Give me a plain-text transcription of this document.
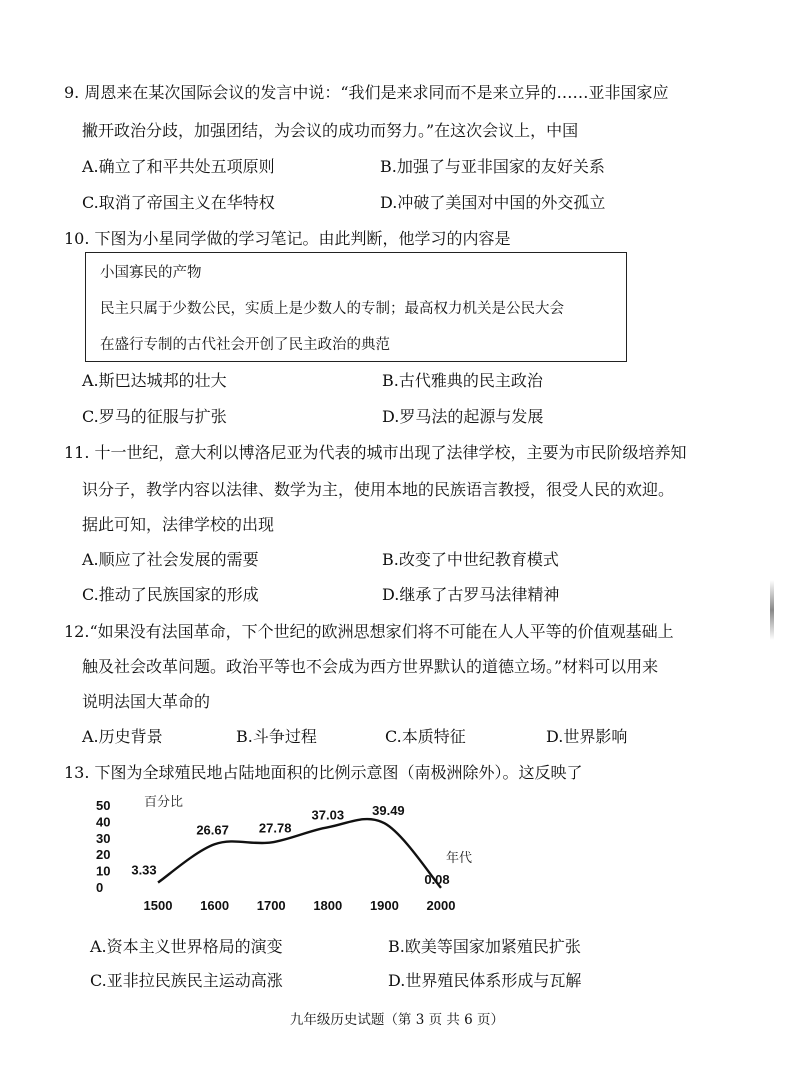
9. 周恩来在某次国际会议的发言中说：“我们是来求同而不是来立异的……亚非国家应
撇开政治分歧，加强团结，为会议的成功而努力。”在这次会议上，中国
A.确立了和平共处五项原则	B.加强了与亚非国家的友好关系
C.取消了帝国主义在华特权	D.冲破了美国对中国的外交孤立
10. 下图为小星同学做的学习笔记。由此判断，他学习的内容是
小国寡民的产物
民主只属于少数公民，实质上是少数人的专制；最高权力机关是公民大会
在盛行专制的古代社会开创了民主政治的典范
A.斯巴达城邦的壮大	B.古代雅典的民主政治
C.罗马的征服与扩张	D.罗马法的起源与发展
11. 十一世纪，意大利以博洛尼亚为代表的城市出现了法律学校，主要为市民阶级培养知
识分子，教学内容以法律、数学为主，使用本地的民族语言教授，很受人民的欢迎。
据此可知，法律学校的出现
A.顺应了社会发展的需要	B.改变了中世纪教育模式
C.推动了民族国家的形成	D.继承了古罗马法律精神
12.“如果没有法国革命，下个世纪的欧洲思想家们将不可能在人人平等的价值观基础上
触及社会改革问题。政治平等也不会成为西方世界默认的道德立场。”材料可以用来
说明法国大革命的
A.历史背景	B.斗争过程	C.本质特征	D.世界影响
13. 下图为全球殖民地占陆地面积的比例示意图（南极洲除外）。这反映了
50
40
30
20
10
0
百分比
1500 1600 1700 1800 1900 2000
年代
3.33
26.67 27.78
37.03 39.49
0.08
A.资本主义世界格局的演变	B.欧美等国家加紧殖民扩张
C.亚非拉民族民主运动高涨	D.世界殖民体系形成与瓦解
九年级历史试题（第 3 页 共 6 页）
